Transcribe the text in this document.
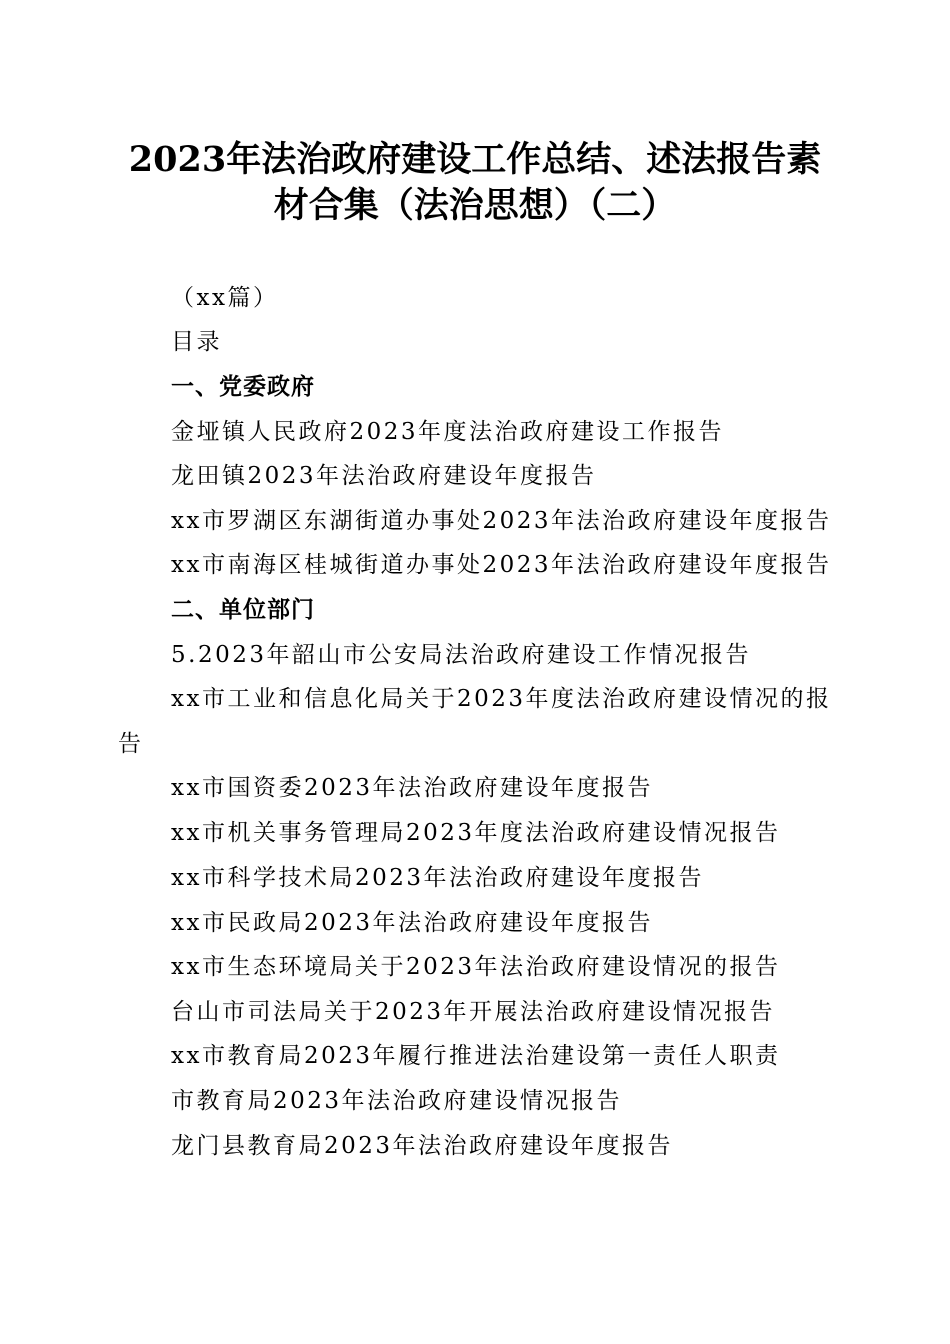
2023年法治政府建设工作总结、述法报告素
材合集（法治思想）（二）
（xx篇）
目录
一、党委政府
金垭镇人民政府2023年度法治政府建设工作报告
龙田镇2023年法治政府建设年度报告
xx市罗湖区东湖街道办事处2023年法治政府建设年度报告
xx市南海区桂城街道办事处2023年法治政府建设年度报告
二、单位部门
5.2023年韶山市公安局法治政府建设工作情况报告
xx市工业和信息化局关于2023年度法治政府建设情况的报
告
xx市国资委2023年法治政府建设年度报告
xx市机关事务管理局2023年度法治政府建设情况报告
xx市科学技术局2023年法治政府建设年度报告
xx市民政局2023年法治政府建设年度报告
xx市生态环境局关于2023年法治政府建设情况的报告
台山市司法局关于2023年开展法治政府建设情况报告
xx市教育局2023年履行推进法治建设第一责任人职责
市教育局2023年法治政府建设情况报告
龙门县教育局2023年法治政府建设年度报告
